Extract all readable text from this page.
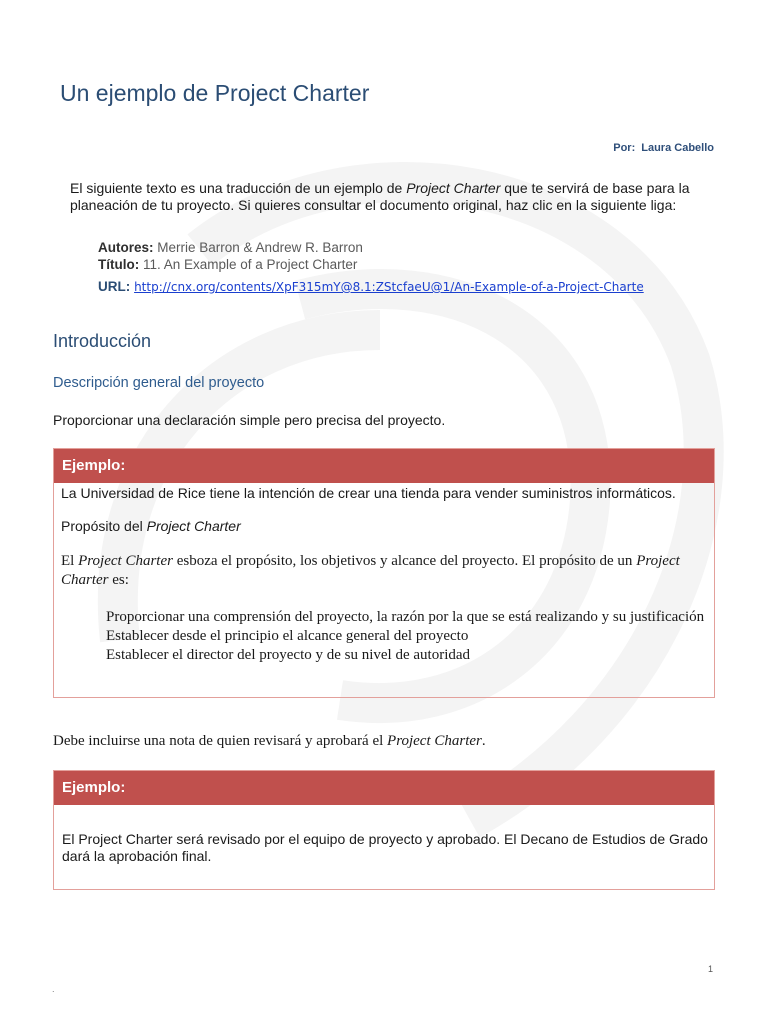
Un ejemplo de Project Charter
Por: Laura Cabello
El siguiente texto es una traducción de un ejemplo de Project Charter que te servirá de base para la planeación de tu proyecto. Si quieres consultar el documento original, haz clic en la siguiente liga:
Autores: Merrie Barron & Andrew R. Barron
Título: 11. An Example of a Project Charter
URL: http://cnx.org/contents/XpF315mY@8.1:ZStcfaeU@1/An-Example-of-a-Project-Charte
Introducción
Descripción general del proyecto
Proporcionar una declaración simple pero precisa del proyecto.
Ejemplo:
La Universidad de Rice tiene la intención de crear una tienda para vender suministros informáticos.
Propósito del Project Charter
El Project Charter esboza el propósito, los objetivos y alcance del proyecto. El propósito de un Project Charter es:
Proporcionar una comprensión del proyecto, la razón por la que se está realizando y su justificación
Establecer desde el principio el alcance general del proyecto
Establecer el director del proyecto y de su nivel de autoridad
Debe incluirse una nota de quien revisará y aprobará el Project Charter.
Ejemplo:
El Project Charter será revisado por el equipo de proyecto y aprobado. El Decano de Estudios de Grado dará la aprobación final.
1
.
